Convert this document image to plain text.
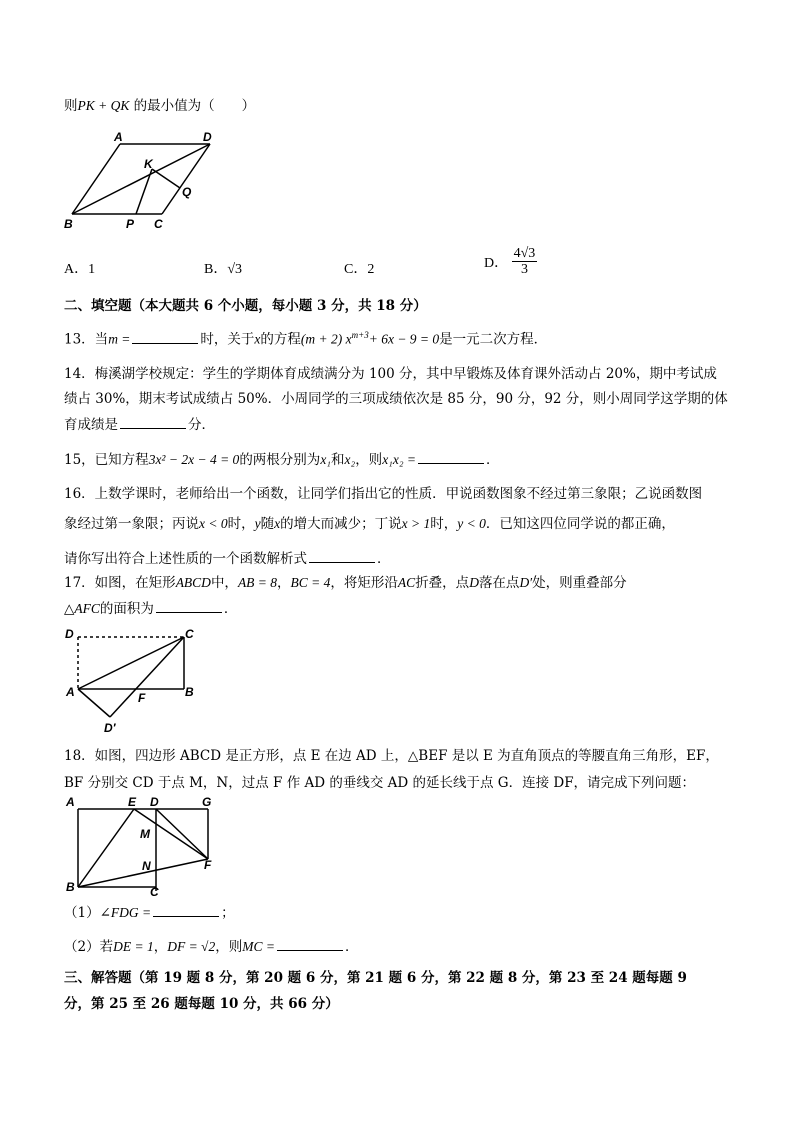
则PK + QK 的最小值为（　　）
A	D
K
Q
B	P C
A．1	B．√3	C．2	D． $\frac{4√3}{3}$
二、填空题（本大题共 6 个小题，每小题 3 分，共 18 分）
13．当m =	时，关于x的方程(m + 2) $x^{m+3}+ 6x - 9 = 0$是一元二次方程．
14．梅溪湖学校规定：学生的学期体育成绩满分为 100 分，其中早锻炼及体育课外活动占 20%，期中考试成
绩占 30%，期末考试成绩占 50%．小周同学的三项成绩依次是 85 分，90 分，92 分，则小周同学这学期的体
育成绩是	分．
15，已知方程3x² − 2x − 4 = 0的两根分别为x₁和x₂，则x₁x₂ =	．
16．上数学课时，老师给出一个函数，让同学们指出它的性质．甲说函数图象不经过第三象限；乙说函数图
象经过第一象限；丙说x < 0时，y随x的增大而减少；丁说x > 1时，y < 0．已知这四位同学说的都正确，
请你写出符合上述性质的一个函数解析式	．
17．如图，在矩形ABCD中，AB = 8，BC = 4，将矩形沿AC折叠，点D落在点D′处，则重叠部分
△AFC的面积为	．
D	C
A	F	B
D′
18．如图，四边形 ABCD 是正方形，点 E 在边 AD 上，△BEF 是以 E 为直角顶点的等腰直角三角形，EF，
BF 分别交 CD 于点 M，N，过点 F 作 AD 的垂线交 AD 的延长线于点 G．连接 DF，请完成下列问题：
A	E D	G
M
N	F
B	C
（1）∠FDG =	；
（2）若DE = 1，DF = √2，则MC =	．
三、解答题（第 19 题 8 分，第 20 题 6 分，第 21 题 6 分，第 22 题 8 分，第 23 至 24 题每题 9
分，第 25 至 26 题每题 10 分，共 66 分）
